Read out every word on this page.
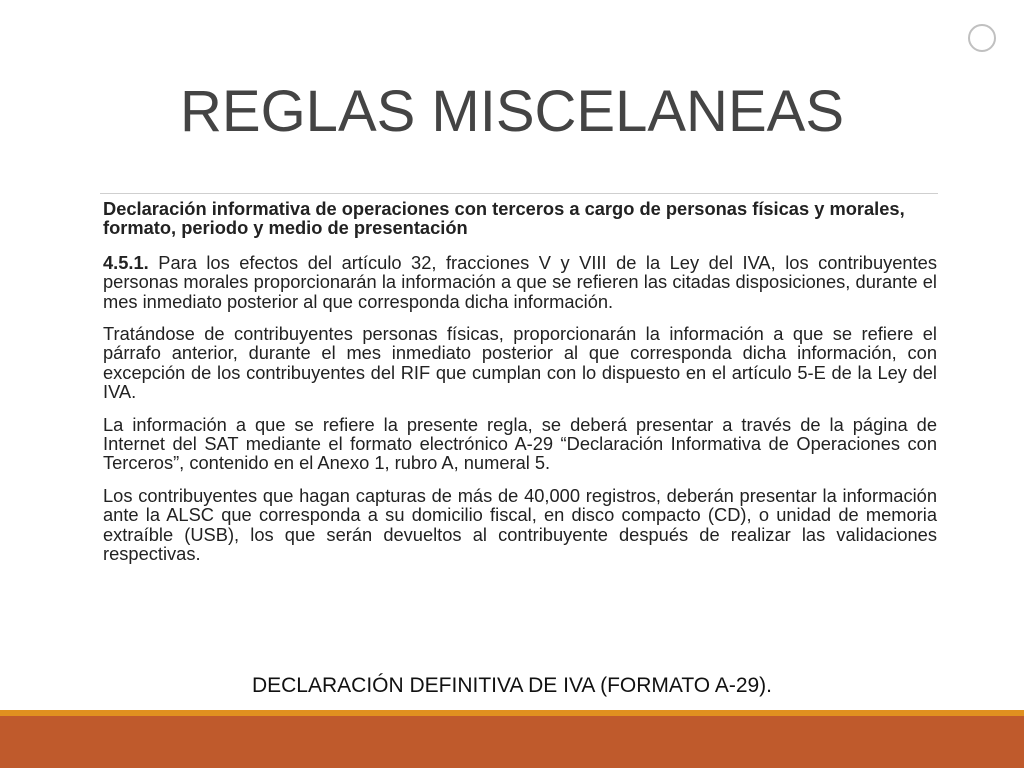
REGLAS MISCELANEAS

Declaración informativa de operaciones con terceros a cargo de personas físicas y morales, formato, periodo y medio de presentación

4.5.1. Para los efectos del artículo 32, fracciones V y VIII de la Ley del IVA, los contribuyentes personas morales proporcionarán la información a que se refieren las citadas disposiciones, durante el mes inmediato posterior al que corresponda dicha información.

Tratándose de contribuyentes personas físicas, proporcionarán la información a que se refiere el párrafo anterior, durante el mes inmediato posterior al que corresponda dicha información, con excepción de los contribuyentes del RIF que cumplan con lo dispuesto en el artículo 5-E de la Ley del IVA.

La información a que se refiere la presente regla, se deberá presentar a través de la página de Internet del SAT mediante el formato electrónico A-29 “Declaración Informativa de Operaciones con Terceros”, contenido en el Anexo 1, rubro A, numeral 5.

Los contribuyentes que hagan capturas de más de 40,000 registros, deberán presentar la información ante la ALSC que corresponda a su domicilio fiscal, en disco compacto (CD), o unidad de memoria extraíble (USB), los que serán devueltos al contribuyente después de realizar las validaciones respectivas.

DECLARACIÓN DEFINITIVA DE IVA (FORMATO A-29).
